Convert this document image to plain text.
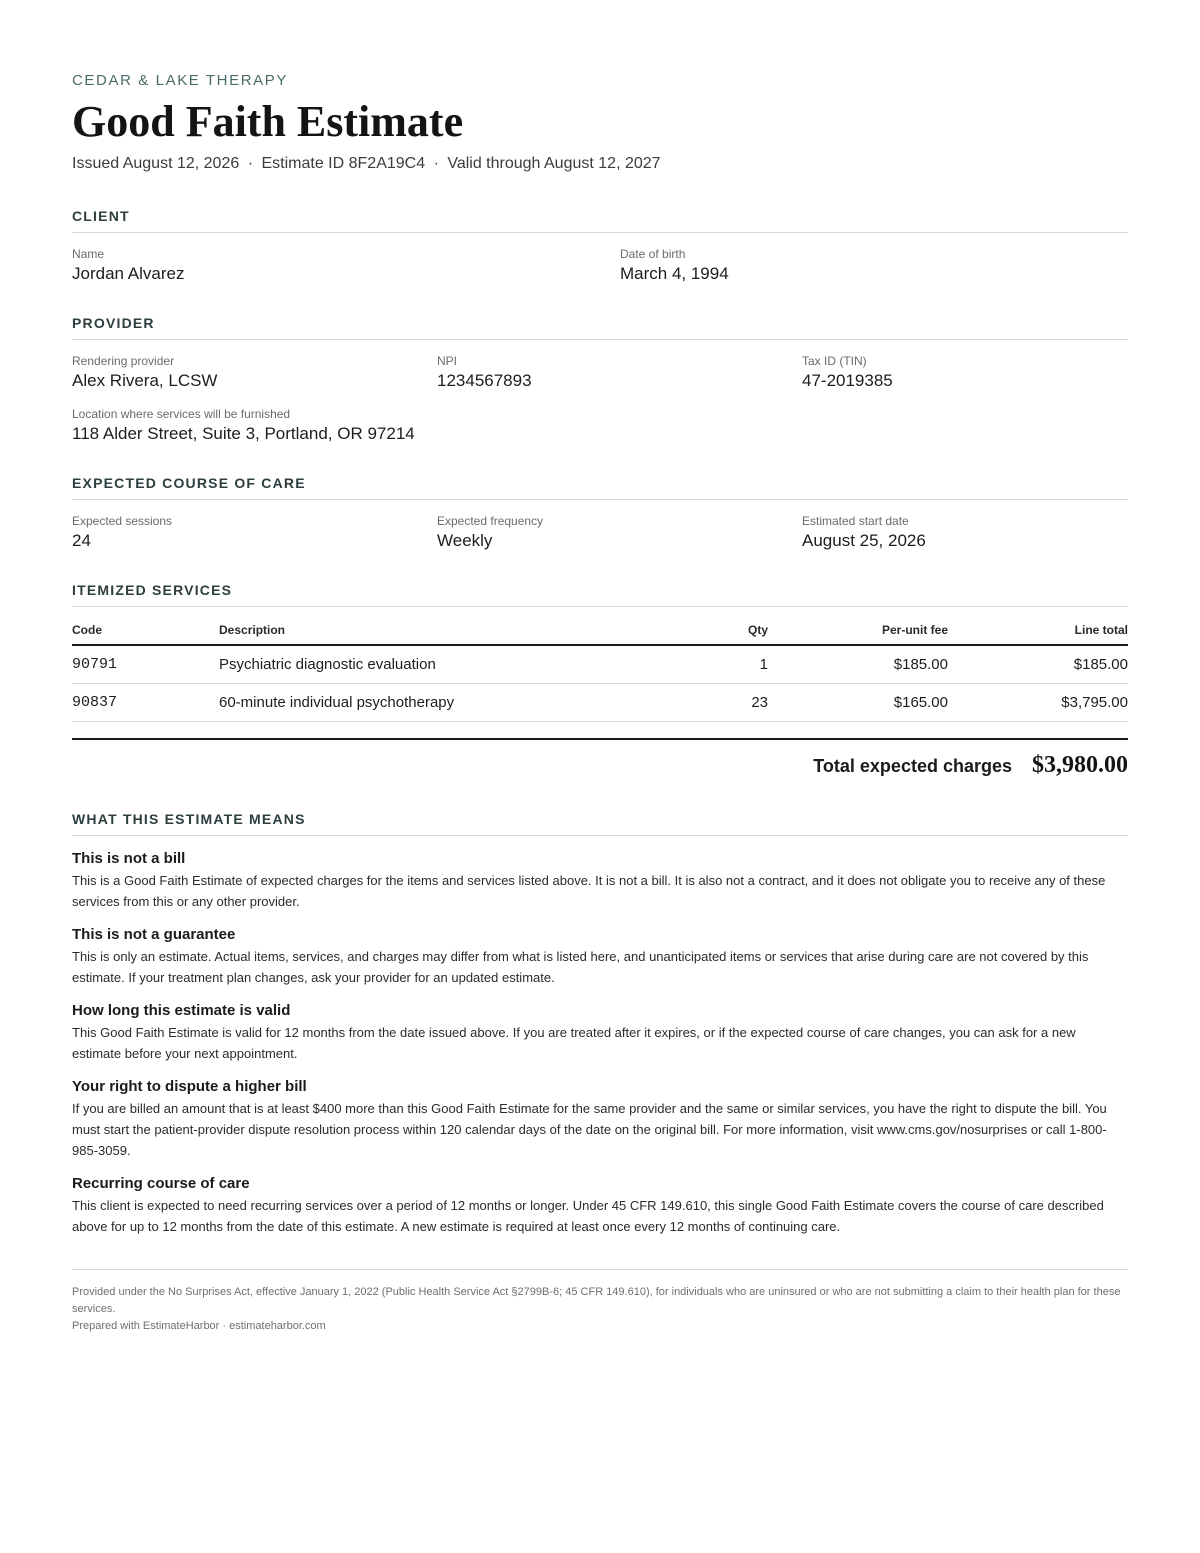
CEDAR & LAKE THERAPY
Good Faith Estimate
Issued August 12, 2026 · Estimate ID 8F2A19C4 · Valid through August 12, 2027
CLIENT
Name
Jordan Alvarez
Date of birth
March 4, 1994
PROVIDER
Rendering provider
Alex Rivera, LCSW
NPI
1234567893
Tax ID (TIN)
47-2019385
Location where services will be furnished
118 Alder Street, Suite 3, Portland, OR 97214
EXPECTED COURSE OF CARE
Expected sessions
24
Expected frequency
Weekly
Estimated start date
August 25, 2026
ITEMIZED SERVICES
Code	Description	Qty	Per-unit fee	Line total
90791	Psychiatric diagnostic evaluation	1	$185.00	$185.00
90837	60-minute individual psychotherapy	23	$165.00	$3,795.00
Total expected charges $3,980.00
WHAT THIS ESTIMATE MEANS
This is not a bill

This is a Good Faith Estimate of expected charges for the items and services listed above. It is not a bill. It is also not a contract, and it does not obligate you to receive any of these services from this or any other provider.

This is not a guarantee

This is only an estimate. Actual items, services, and charges may differ from what is listed here, and unanticipated items or services that arise during care are not covered by this estimate. If your treatment plan changes, ask your provider for an updated estimate.

How long this estimate is valid

This Good Faith Estimate is valid for 12 months from the date issued above. If you are treated after it expires, or if the expected course of care changes, you can ask for a new estimate before your next appointment.

Your right to dispute a higher bill

If you are billed an amount that is at least $400 more than this Good Faith Estimate for the same provider and the same or similar services, you have the right to dispute the bill. You must start the patient-provider dispute resolution process within 120 calendar days of the date on the original bill. For more information, visit www.cms.gov/nosurprises or call 1-800-985-3059.

Recurring course of care

This client is expected to need recurring services over a period of 12 months or longer. Under 45 CFR 149.610, this single Good Faith Estimate covers the course of care described above for up to 12 months from the date of this estimate. A new estimate is required at least once every 12 months of continuing care.

Provided under the No Surprises Act, effective January 1, 2022 (Public Health Service Act §2799B-6; 45 CFR 149.610), for individuals who are uninsured or who are not submitting a claim to their health plan for these services.
Prepared with EstimateHarbor · estimateharbor.com
